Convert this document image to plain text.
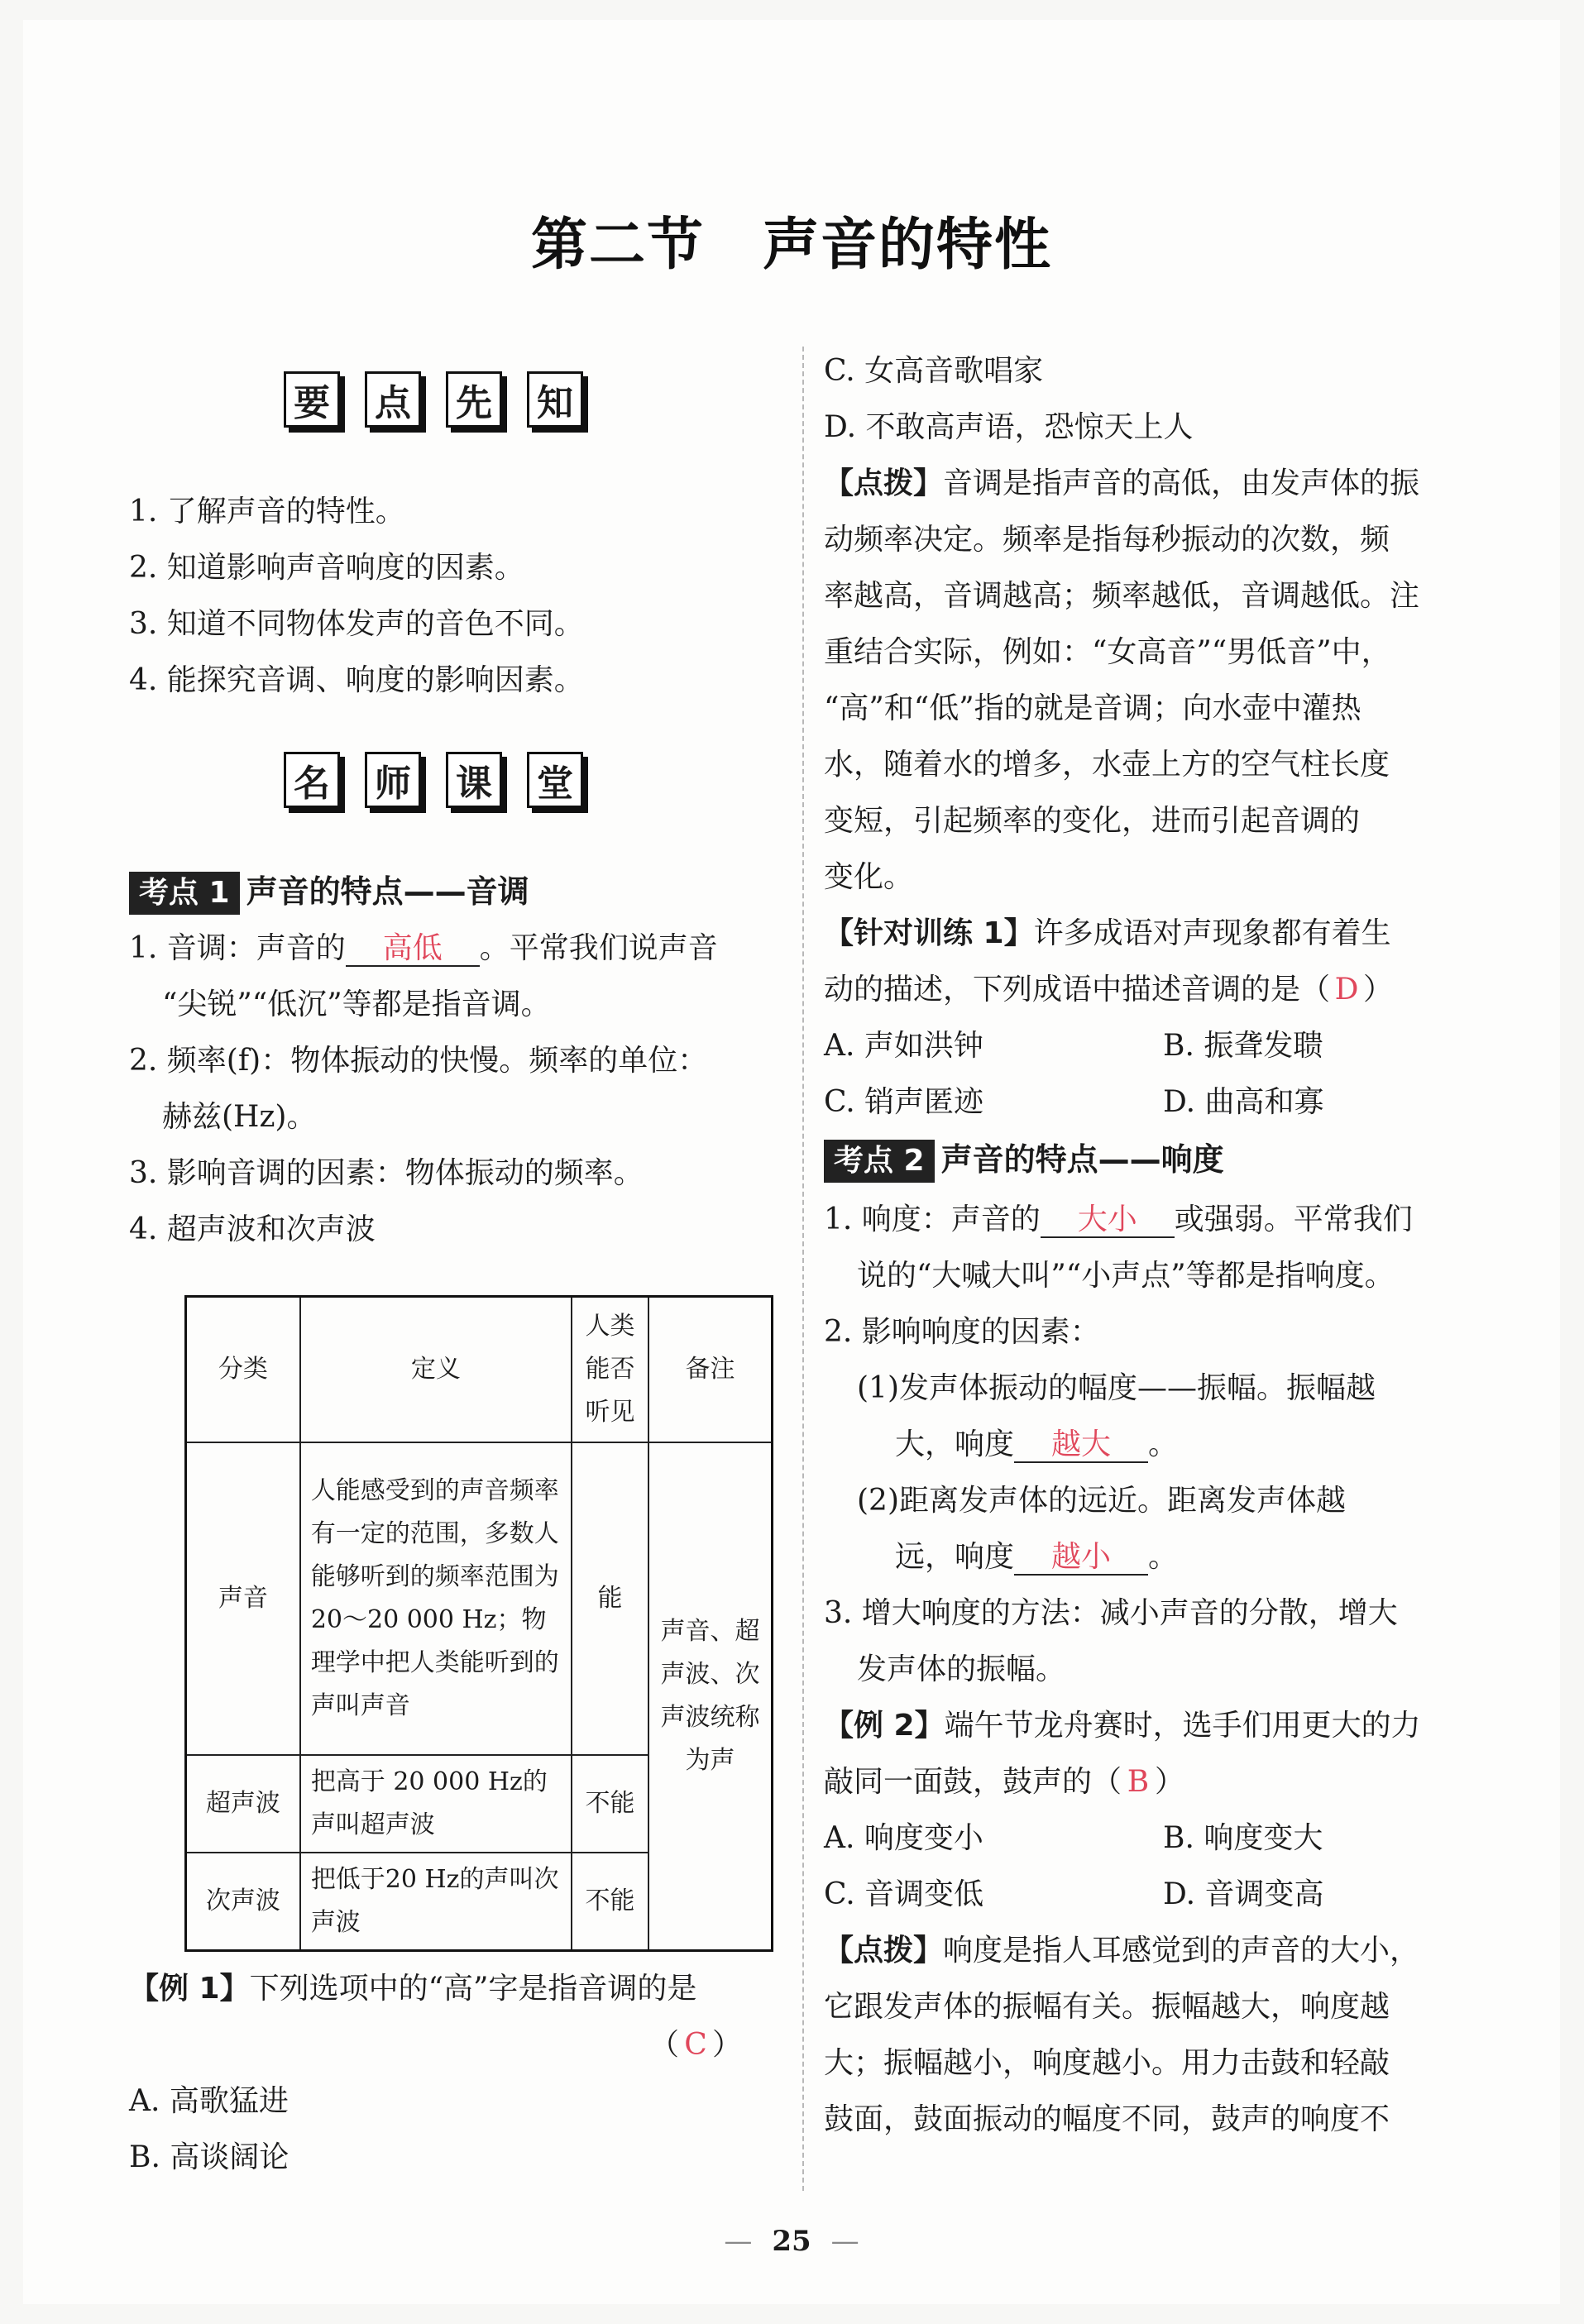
第二节 声音的特性
要 点 先 知
1. 了解声音的特性。
2. 知道影响声音响度的因素。
3. 知道不同物体发声的音色不同。
4. 能探究音调、响度的影响因素。
名 师 课 堂
考点 1 声音的特点——音调
1. 音调：声音的 高低 。平常我们说声音
“尖锐”“低沉”等都是指音调。
2. 频率(f)：物体振动的快慢。频率的单位：
赫兹(Hz)。
3. 影响音调的因素：物体振动的频率。
4. 超声波和次声波
分类	定义	人类能否听见	备注
声音	人能感受到的声音频率有一定的范围，多数人能够听到的频率范围为20～20 000 Hz；物理学中把人类能听到的声叫声音	能	声音、超声波、次声波统称为声
超声波	把高于 20 000 Hz的声叫超声波	不能	
次声波	把低于20 Hz的声叫次声波	不能	
【例 1】下列选项中的“高”字是指音调的是
（ C ）
A. 高歌猛进
B. 高谈阔论
C. 女高音歌唱家
D. 不敢高声语，恐惊天上人
【点拨】音调是指声音的高低，由发声体的振
动频率决定。频率是指每秒振动的次数，频
率越高，音调越高；频率越低，音调越低。注
重结合实际，例如：“女高音”“男低音”中，
“高”和“低”指的就是音调；向水壶中灌热
水，随着水的增多，水壶上方的空气柱长度
变短，引起频率的变化，进而引起音调的
变化。
【针对训练 1】许多成语对声现象都有着生
动的描述，下列成语中描述音调的是（ D ）
A. 声如洪钟	B. 振聋发聩
C. 销声匿迹	D. 曲高和寡
考点 2 声音的特点——响度
1. 响度：声音的 大小 或强弱。平常我们
说的“大喊大叫”“小声点”等都是指响度。
2. 影响响度的因素：
(1)发声体振动的幅度——振幅。振幅越
大，响度 越大 。
(2)距离发声体的远近。距离发声体越
远，响度 越小 。
3. 增大响度的方法：减小声音的分散，增大
发声体的振幅。
【例 2】端午节龙舟赛时，选手们用更大的力
敲同一面鼓，鼓声的（ B ）
A. 响度变小	B. 响度变大
C. 音调变低	D. 音调变高
【点拨】响度是指人耳感觉到的声音的大小，
它跟发声体的振幅有关。振幅越大，响度越
大；振幅越小，响度越小。用力击鼓和轻敲
鼓面，鼓面振动的幅度不同，鼓声的响度不
— 25 —
